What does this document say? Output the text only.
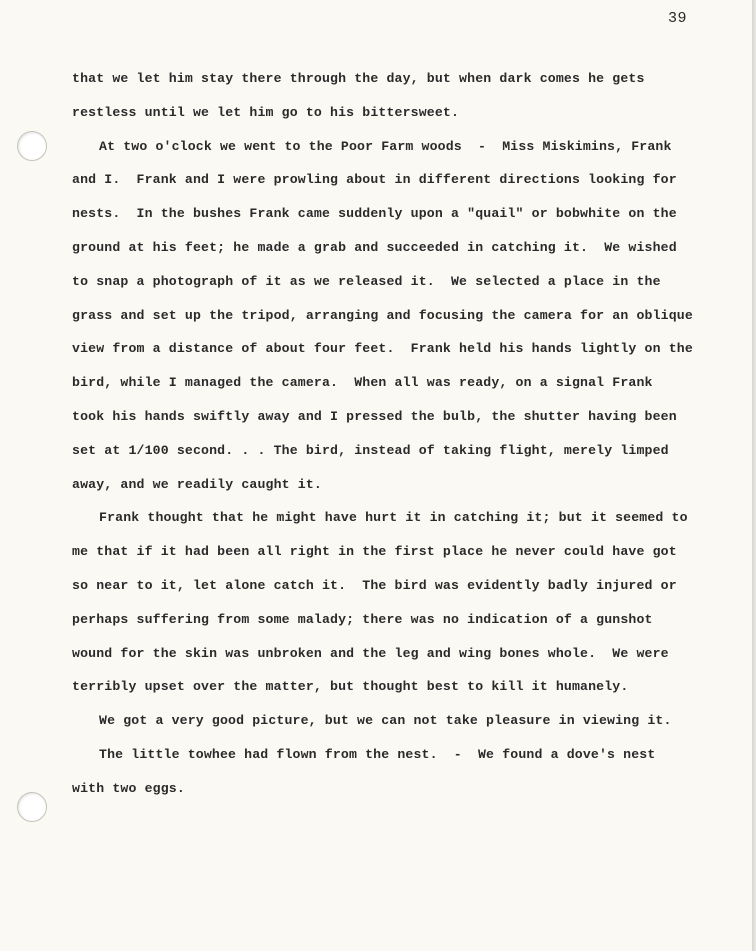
39
that we let him stay there through the day, but when dark comes he gets
restless until we let him go to his bittersweet.
At two o'clock we went to the Poor Farm woods  -  Miss Miskimins, Frank
and I.  Frank and I were prowling about in different directions looking for
nests.  In the bushes Frank came suddenly upon a "quail" or bobwhite on the
ground at his feet; he made a grab and succeeded in catching it.  We wished
to snap a photograph of it as we released it.  We selected a place in the
grass and set up the tripod, arranging and focusing the camera for an oblique
view from a distance of about four feet.  Frank held his hands lightly on the
bird, while I managed the camera.  When all was ready, on a signal Frank
took his hands swiftly away and I pressed the bulb, the shutter having been
set at 1/100 second. . . The bird, instead of taking flight, merely limped
away, and we readily caught it.
Frank thought that he might have hurt it in catching it; but it seemed to
me that if it had been all right in the first place he never could have got
so near to it, let alone catch it.  The bird was evidently badly injured or
perhaps suffering from some malady; there was no indication of a gunshot
wound for the skin was unbroken and the leg and wing bones whole.  We were
terribly upset over the matter, but thought best to kill it humanely.
We got a very good picture, but we can not take pleasure in viewing it.
The little towhee had flown from the nest.  -  We found a dove's nest
with two eggs.
